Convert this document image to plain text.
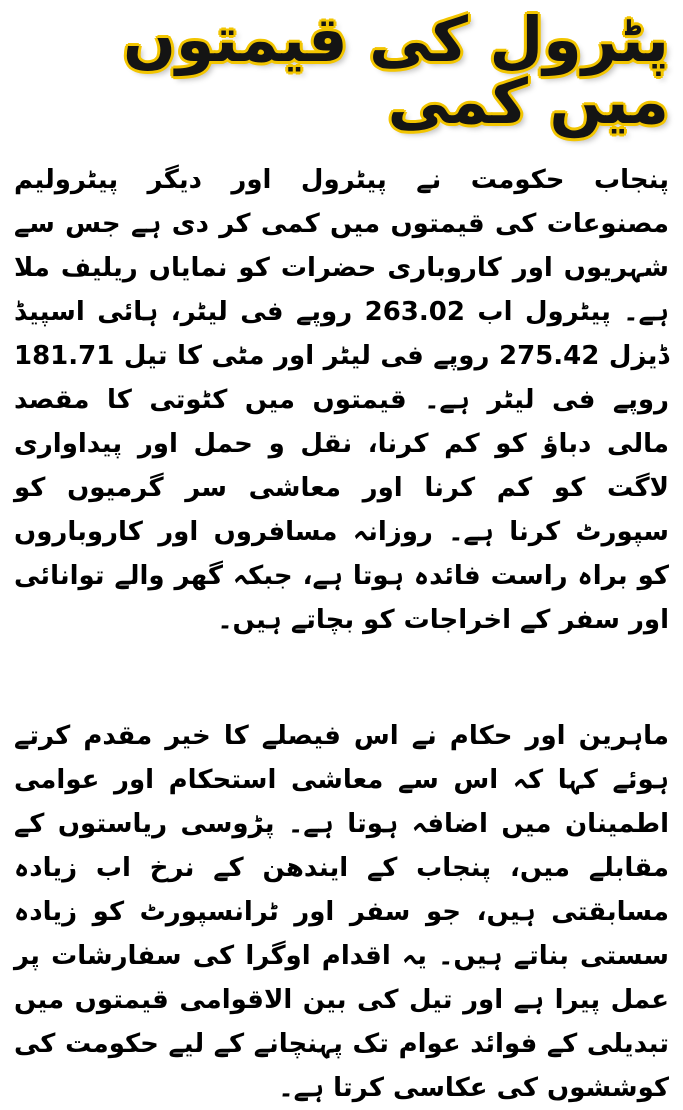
پٹرول کی قیمتوں میں کمی

پنجاب حکومت نے پیٹرول اور دیگر پیٹرولیم مصنوعات کی قیمتوں میں کمی کر دی ہے جس سے شہریوں اور کاروباری حضرات کو نمایاں ریلیف ملا ہے۔ پیٹرول اب 263.02 روپے فی لیٹر، ہائی اسپیڈ ڈیزل 275.42 روپے فی لیٹر اور مٹی کا تیل 181.71 روپے فی لیٹر ہے۔ قیمتوں میں کٹوتی کا مقصد مالی دباؤ کو کم کرنا، نقل و حمل اور پیداواری لاگت کو کم کرنا اور معاشی سر گرمیوں کو سپورٹ کرنا ہے۔ روزانہ مسافروں اور کاروباروں کو براہ راست فائدہ ہوتا ہے، جبکہ گھر والے توانائی اور سفر کے اخراجات کو بچاتے ہیں۔

ماہرین اور حکام نے اس فیصلے کا خیر مقدم کرتے ہوئے کہا کہ اس سے معاشی استحکام اور عوامی اطمینان میں اضافہ ہوتا ہے۔ پڑوسی ریاستوں کے مقابلے میں، پنجاب کے ایندھن کے نرخ اب زیادہ مسابقتی ہیں، جو سفر اور ٹرانسپورٹ کو زیادہ سستی بناتے ہیں۔ یہ اقدام اوگرا کی سفارشات پر عمل پیرا ہے اور تیل کی بین الاقوامی قیمتوں میں تبدیلی کے فوائد عوام تک پہنچانے کے لیے حکومت کی کوششوں کی عکاسی کرتا ہے۔
